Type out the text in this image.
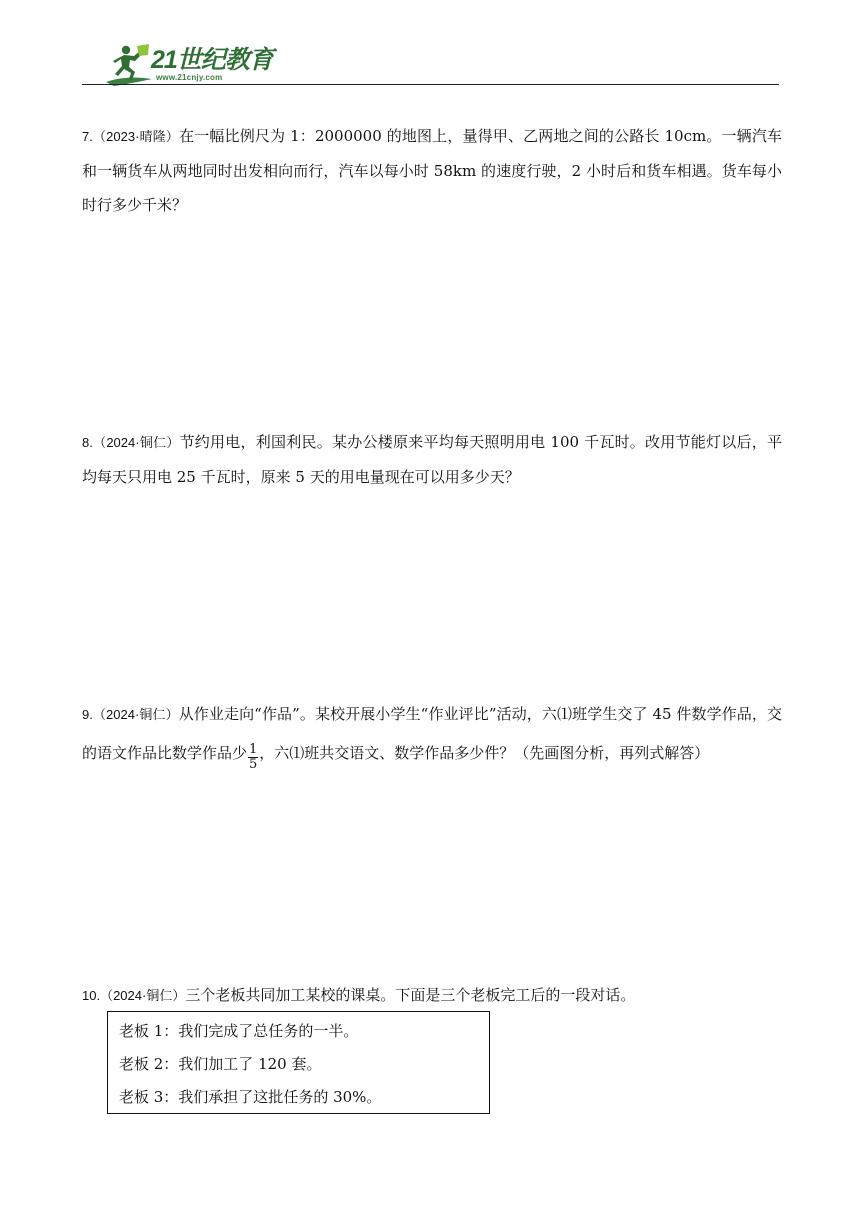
21世纪教育
www.21cnjy.com
7.（2023·晴隆）在一幅比例尺为 1：2000000 的地图上，量得甲、乙两地之间的公路长 10cm。一辆汽车和一辆货车从两地同时出发相向而行，汽车以每小时 58km 的速度行驶，2 小时后和货车相遇。货车每小时行多少千米？
8.（2024·铜仁）节约用电，利国利民。某办公楼原来平均每天照明用电 100 千瓦时。改用节能灯以后，平均每天只用电 25 千瓦时，原来 5 天的用电量现在可以用多少天？
9.（2024·铜仁）从作业走向“作品”。某校开展小学生“作业评比”活动，六⑴班学生交了 45 件数学作品，交的语文作品比数学作品少 $\frac{1}{5}$ ，六⑴班共交语文、数学作品多少件？（先画图分析，再列式解答）
10.（2024·铜仁）三个老板共同加工某校的课桌。下面是三个老板完工后的一段对话。
老板 1：我们完成了总任务的一半。
老板 2：我们加工了 120 套。
老板 3：我们承担了这批任务的 30%。
